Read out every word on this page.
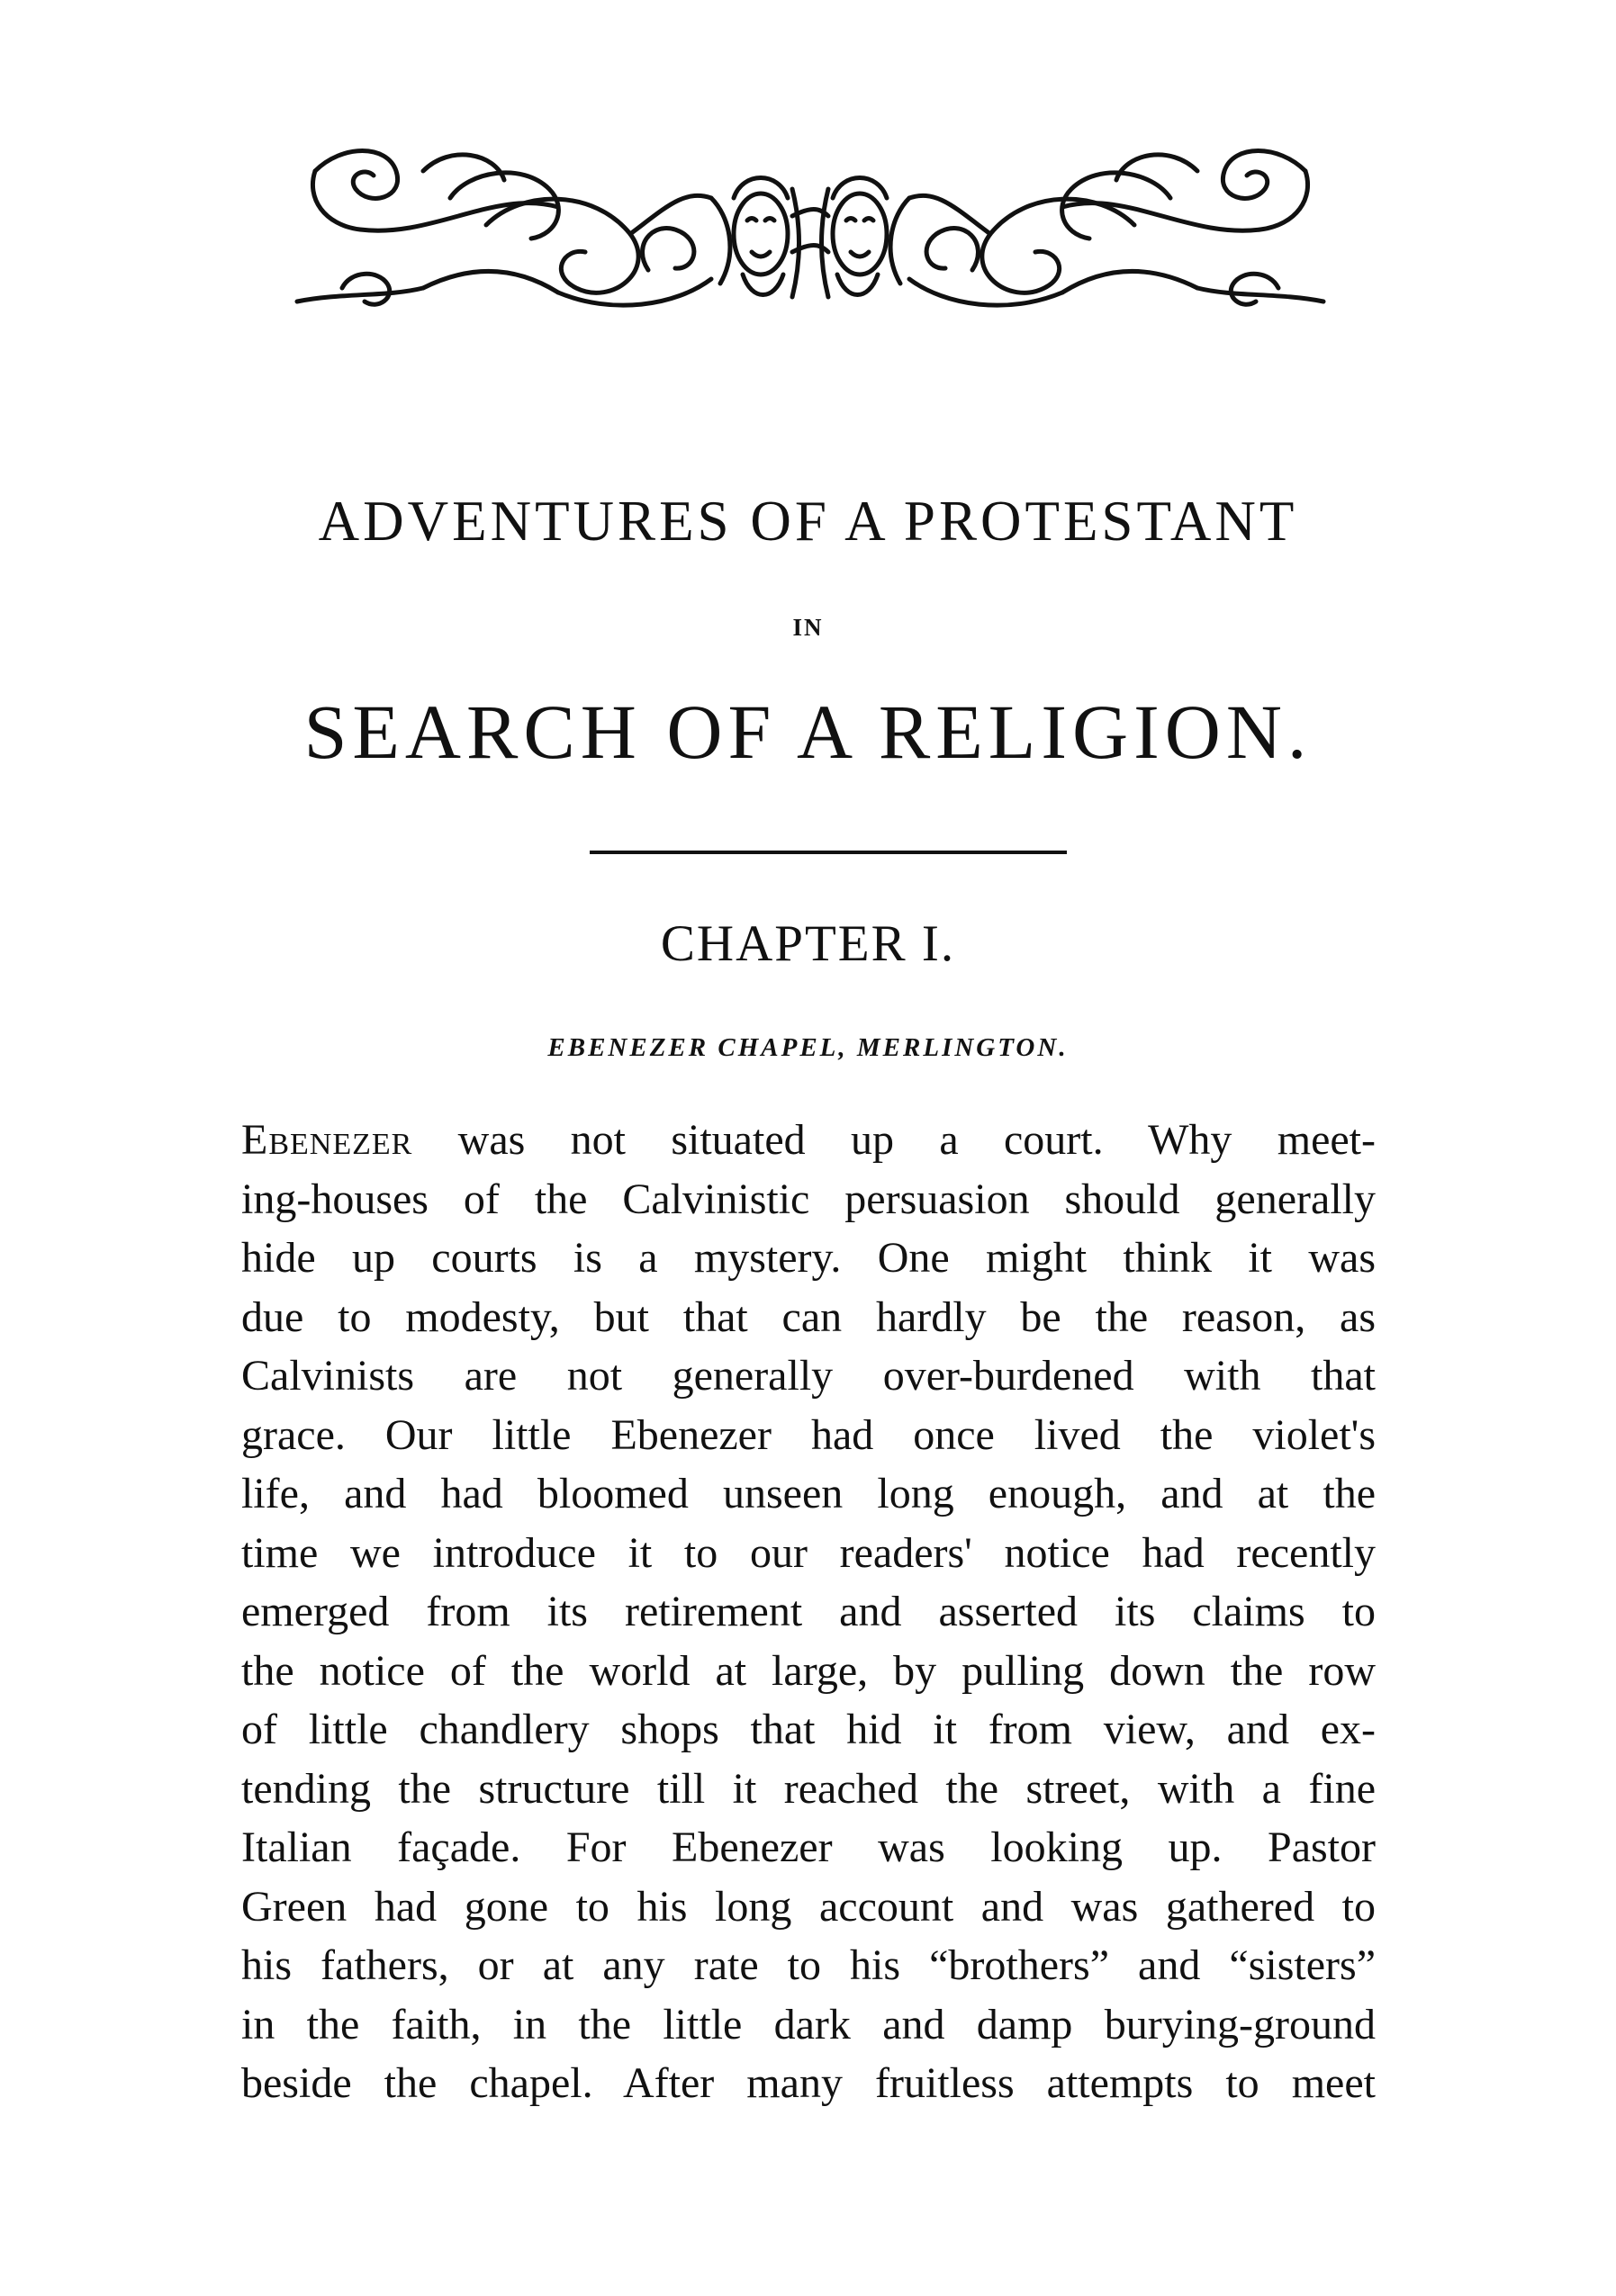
ADVENTURES OF A PROTESTANT
IN
SEARCH OF A RELIGION.
CHAPTER I.
EBENEZER CHAPEL, MERLINGTON.
Ebenezer was not situated up a court. Why meet-
ing-houses of the Calvinistic persuasion should generally
hide up courts is a mystery. One might think it was
due to modesty, but that can hardly be the reason, as
Calvinists are not generally over-burdened with that
grace. Our little Ebenezer had once lived the violet's
life, and had bloomed unseen long enough, and at the
time we introduce it to our readers' notice had recently
emerged from its retirement and asserted its claims to
the notice of the world at large, by pulling down the row
of little chandlery shops that hid it from view, and ex-
tending the structure till it reached the street, with a fine
Italian façade. For Ebenezer was looking up. Pastor
Green had gone to his long account and was gathered to
his fathers, or at any rate to his “brothers” and “sisters”
in the faith, in the little dark and damp burying-ground
beside the chapel. After many fruitless attempts to meet
